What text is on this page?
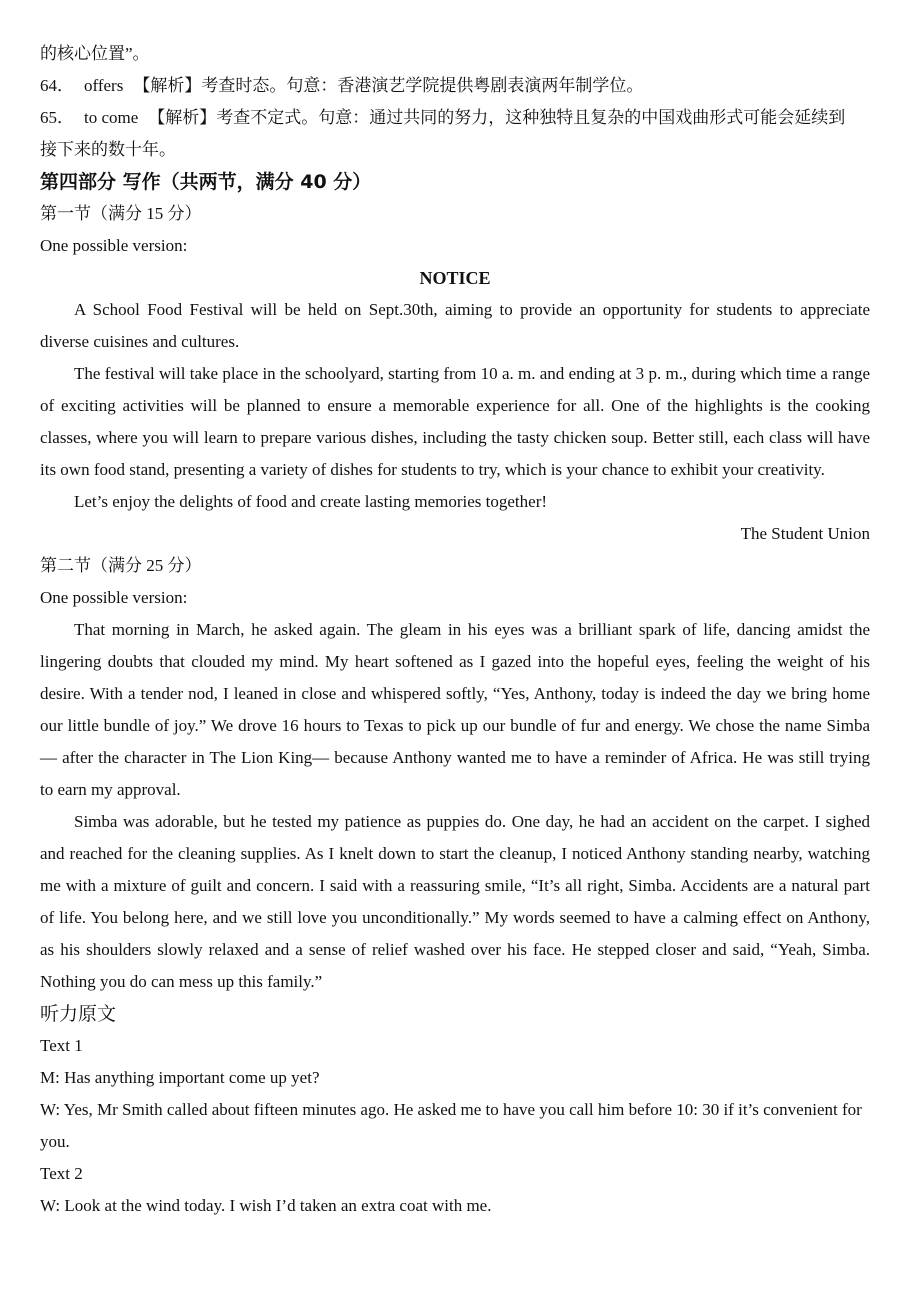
的核心位置”。
64． offers 【解析】考查时态。句意：香港演艺学院提供粤剧表演两年制学位。
65． to come 【解析】考查不定式。句意：通过共同的努力，这种独特且复杂的中国戏曲形式可能会延续到
接下来的数十年。
第四部分 写作（共两节，满分 40 分）
第一节（满分 15 分）
One possible version:
NOTICE
A School Food Festival will be held on Sept.30th, aiming to provide an opportunity for students to appreciate diverse cuisines and cultures.
The festival will take place in the schoolyard, starting from 10 a. m. and ending at 3 p. m., during which time a range of exciting activities will be planned to ensure a memorable experience for all. One of the highlights is the cooking classes, where you will learn to prepare various dishes, including the tasty chicken soup. Better still, each class will have its own food stand, presenting a variety of dishes for students to try, which is your chance to exhibit your creativity.
Let’s enjoy the delights of food and create lasting memories together!
The Student Union
第二节（满分 25 分）
One possible version:
That morning in March, he asked again. The gleam in his eyes was a brilliant spark of life, dancing amidst the lingering doubts that clouded my mind. My heart softened as I gazed into the hopeful eyes, feeling the weight of his desire. With a tender nod, I leaned in close and whispered softly, “Yes, Anthony, today is indeed the day we bring home our little bundle of joy.” We drove 16 hours to Texas to pick up our bundle of fur and energy. We chose the name Simba— after the character in The Lion King— because Anthony wanted me to have a reminder of Africa. He was still trying to earn my approval.
Simba was adorable, but he tested my patience as puppies do. One day, he had an accident on the carpet. I sighed and reached for the cleaning supplies. As I knelt down to start the cleanup, I noticed Anthony standing nearby, watching me with a mixture of guilt and concern. I said with a reassuring smile, “It’s all right, Simba. Accidents are a natural part of life. You belong here, and we still love you unconditionally.” My words seemed to have a calming effect on Anthony, as his shoulders slowly relaxed and a sense of relief washed over his face. He stepped closer and said, “Yeah, Simba. Nothing you do can mess up this family.”
听力原文
Text 1
M: Has anything important come up yet?
W: Yes, Mr Smith called about fifteen minutes ago. He asked me to have you call him before 10: 30 if it’s convenient for you.
Text 2
W: Look at the wind today. I wish I’d taken an extra coat with me.
